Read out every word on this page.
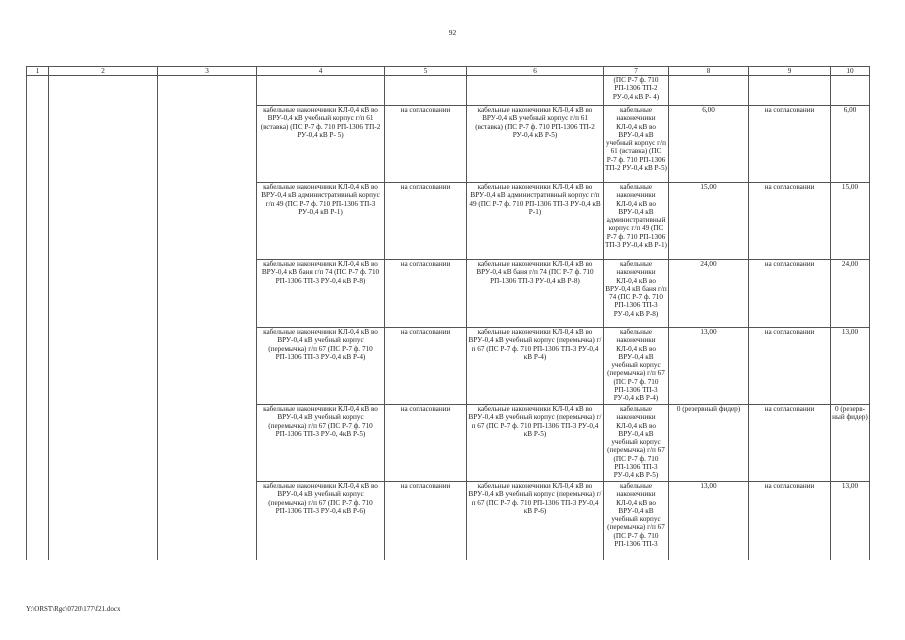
92
1	2	3	4	5	6	7	8	9	10
						(ПС Р-7 ф. 710 РП-1306 ТП-2 РУ-0,4 кВ Р- 4)			
			кабельные наконечники КЛ-0,4 кВ во ВРУ-0,4 кВ учебный корпус г/п 61 (вставка) (ПС Р-7 ф. 710 РП-1306 ТП-2 РУ-0,4 кВ Р- 5)	на согласовании	кабельные наконечники КЛ-0,4 кВ во ВРУ-0,4 кВ учебный корпус г/п 61 (вставка) (ПС Р-7 ф. 710 РП-1306 ТП-2 РУ-0,4 кВ Р-5)	кабельные наконечники КЛ-0,4 кВ во ВРУ-0,4 кВ учебный корпус г/п 61 (вставка) (ПС Р-7 ф. 710 РП-1306 ТП-2 РУ-0,4 кВ Р-5)	6,00	на согласовании	6,00
			кабельные наконечники КЛ-0,4 кВ во ВРУ-0,4 кВ административный корпус г/п 49 (ПС Р-7 ф. 710 РП-1306 ТП-3 РУ-0,4 кВ Р-1)	на согласовании	кабельные наконечники КЛ-0,4 кВ во ВРУ-0,4 кВ административный корпус г/п 49 (ПС Р-7 ф. 710 РП-1306 ТП-3 РУ-0,4 кВ Р-1)	кабельные наконечники КЛ-0,4 кВ во ВРУ-0,4 кВ административный корпус г/п 49 (ПС Р-7 ф. 710 РП-1306 ТП-3 РУ-0,4 кВ Р-1)	15,00	на согласовании	15,00
			кабельные наконечники КЛ-0,4 кВ во ВРУ-0,4 кВ баня г/п 74 (ПС Р-7 ф. 710 РП-1306 ТП-3 РУ-0,4 кВ Р-8)	на согласовании	кабельные наконечники КЛ-0,4 кВ во ВРУ-0,4 кВ баня г/п 74 (ПС Р-7 ф. 710 РП-1306 ТП-3 РУ-0,4 кВ Р-8)	кабельные наконечники КЛ-0,4 кВ во ВРУ-0,4 кВ баня г/п 74 (ПС Р-7 ф. 710 РП-1306 ТП-3 РУ-0,4 кВ Р-8)	24,00	на согласовании	24,00
			кабельные наконечники КЛ-0,4 кВ во ВРУ-0,4 кВ учебный корпус (перемычка) г/п 67 (ПС Р-7 ф. 710 РП-1306 ТП-3 РУ-0,4 кВ Р-4)	на согласовании	кабельные наконечники КЛ-0,4 кВ во ВРУ-0,4 кВ учебный корпус (перемычка) г/п 67 (ПС Р-7 ф. 710 РП-1306 ТП-3 РУ-0,4 кВ Р-4)	кабельные наконечники КЛ-0,4 кВ во ВРУ-0,4 кВ учебный корпус (перемычка) г/п 67 (ПС Р-7 ф. 710 РП-1306 ТП-3 РУ-0,4 кВ Р-4)	13,00	на согласовании	13,00
			кабельные наконечники КЛ-0,4 кВ во ВРУ-0,4 кВ учебный корпус (перемычка) г/п 67 (ПС Р-7 ф. 710 РП-1306 ТП-3 РУ-0, 4кВ Р-5)	на согласовании	кабельные наконечники КЛ-0,4 кВ во ВРУ-0,4 кВ учебный корпус (перемычка) г/п 67 (ПС Р-7 ф. 710 РП-1306 ТП-3 РУ-0,4 кВ Р-5)	кабельные наконечники КЛ-0,4 кВ во ВРУ-0,4 кВ учебный корпус (перемычка) г/п 67 (ПС Р-7 ф. 710 РП-1306 ТП-3 РУ-0,4 кВ Р-5)	0 (резервный фидер)	на согласовании	0 (резерв-ный фидер)
			кабельные наконечники КЛ-0,4 кВ во ВРУ-0,4 кВ учебный корпус (перемычка) г/п 67 (ПС Р-7 ф. 710 РП-1306 ТП-3 РУ-0,4 кВ Р-6)	на согласовании	кабельные наконечники КЛ-0,4 кВ во ВРУ-0,4 кВ учебный корпус (перемычка) г/п 67 (ПС Р-7 ф. 710 РП-1306 ТП-3 РУ-0,4 кВ Р-6)	кабельные наконечники КЛ-0,4 кВ во ВРУ-0,4 кВ учебный корпус (перемычка) г/п 67 (ПС Р-7 ф. 710 РП-1306 ТП-3	13,00	на согласовании	13,00
Y:\ORST\Rgc\0720\177\f21.docx
